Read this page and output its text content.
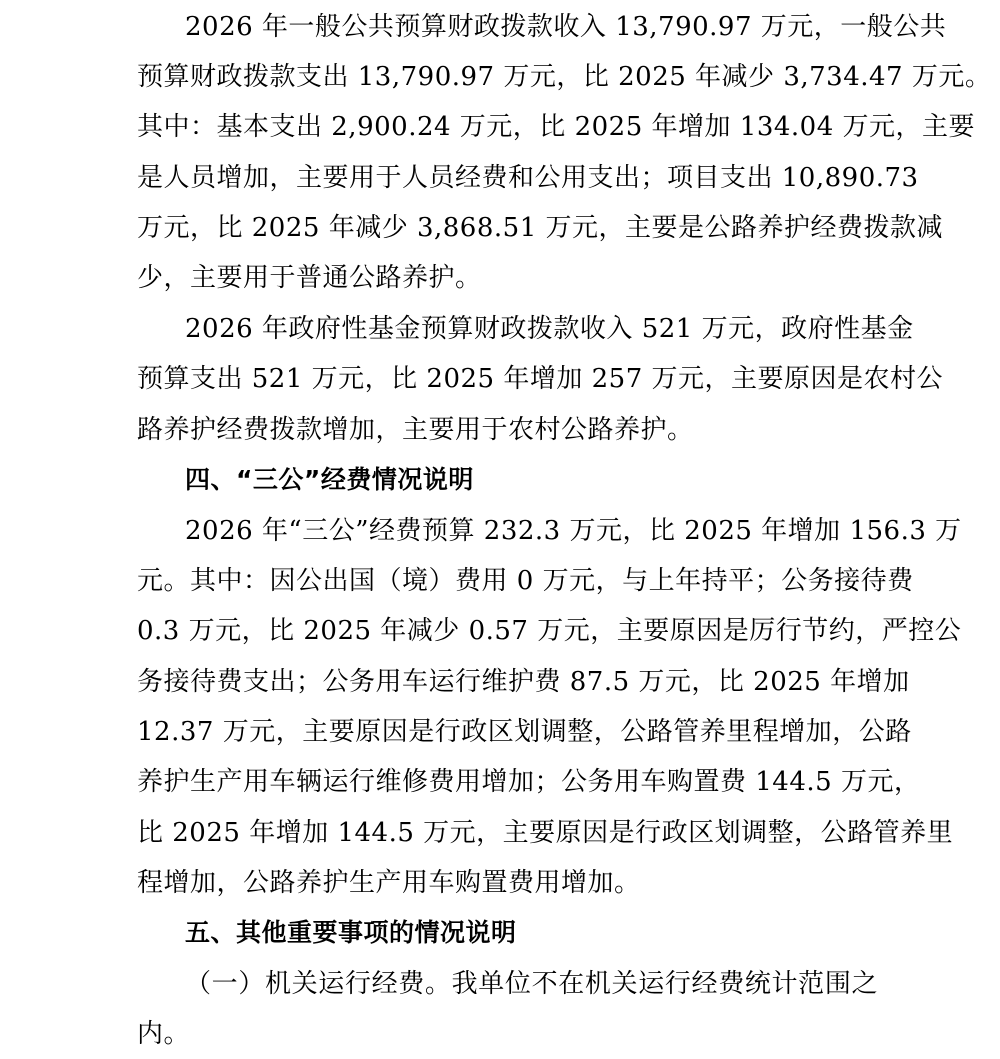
2026 年一般公共预算财政拨款收入 13,790.97 万元，一般公共
预算财政拨款支出 13,790.97 万元，比 2025 年减少 3,734.47 万元。
其中：基本支出 2,900.24 万元，比 2025 年增加 134.04 万元，主要
是人员增加，主要用于人员经费和公用支出；项目支出 10,890.73
万元，比 2025 年减少 3,868.51 万元，主要是公路养护经费拨款减
少，主要用于普通公路养护。
2026 年政府性基金预算财政拨款收入 521 万元，政府性基金
预算支出 521 万元，比 2025 年增加 257 万元，主要原因是农村公
路养护经费拨款增加，主要用于农村公路养护。
四、“三公”经费情况说明
2026 年“三公”经费预算 232.3 万元，比 2025 年增加 156.3 万
元。其中：因公出国（境）费用 0 万元，与上年持平；公务接待费
0.3 万元，比 2025 年减少 0.57 万元，主要原因是厉行节约，严控公
务接待费支出；公务用车运行维护费 87.5 万元，比 2025 年增加
12.37 万元，主要原因是行政区划调整，公路管养里程增加，公路
养护生产用车辆运行维修费用增加；公务用车购置费 144.5 万元，
比 2025 年增加 144.5 万元，主要原因是行政区划调整，公路管养里
程增加，公路养护生产用车购置费用增加。
五、其他重要事项的情况说明
（一）机关运行经费。我单位不在机关运行经费统计范围之
内。
